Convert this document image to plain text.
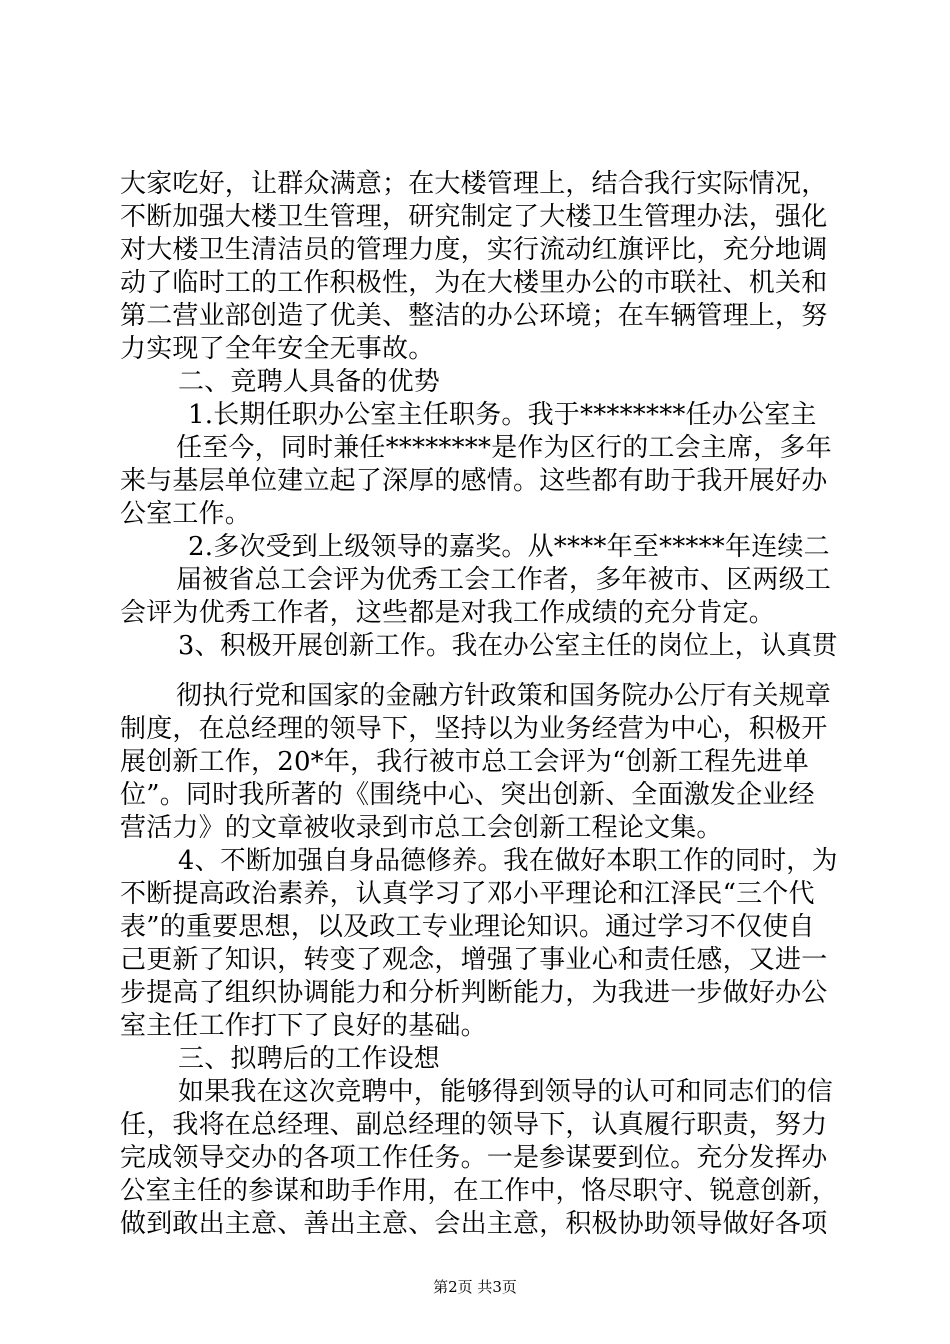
大家吃好，让群众满意；在大楼管理上，结合我行实际情况，
不断加强大楼卫生管理，研究制定了大楼卫生管理办法，强化
对大楼卫生清洁员的管理力度，实行流动红旗评比，充分地调
动了临时工的工作积极性，为在大楼里办公的市联社、机关和
第二营业部创造了优美、整洁的办公环境；在车辆管理上，努
力实现了全年安全无事故。
二、竞聘人具备的优势
1.长期任职办公室主任职务。我于********任办公室主
任至今，同时兼任********是作为区行的工会主席，多年
来与基层单位建立起了深厚的感情。这些都有助于我开展好办
公室工作。
2.多次受到上级领导的嘉奖。从****年至*****年连续二
届被省总工会评为优秀工会工作者，多年被市、区两级工
会评为优秀工作者，这些都是对我工作成绩的充分肯定。
3、积极开展创新工作。我在办公室主任的岗位上，认真贯
彻执行党和国家的金融方针政策和国务院办公厅有关规章
制度，在总经理的领导下，坚持以为业务经营为中心，积极开
展创新工作，20*年，我行被市总工会评为“创新工程先进单
位”。同时我所著的《围绕中心、突出创新、全面激发企业经
营活力》的文章被收录到市总工会创新工程论文集。
4、不断加强自身品德修养。我在做好本职工作的同时，为
不断提高政治素养，认真学习了邓小平理论和江泽民“三个代
表”的重要思想，以及政工专业理论知识。通过学习不仅使自
己更新了知识，转变了观念，增强了事业心和责任感，又进一
步提高了组织协调能力和分析判断能力，为我进一步做好办公
室主任工作打下了良好的基础。
三、拟聘后的工作设想
如果我在这次竞聘中，能够得到领导的认可和同志们的信
任，我将在总经理、副总经理的领导下，认真履行职责，努力
完成领导交办的各项工作任务。一是参谋要到位。充分发挥办
公室主任的参谋和助手作用，在工作中，恪尽职守、锐意创新，
做到敢出主意、善出主意、会出主意，积极协助领导做好各项
第2页 共3页
